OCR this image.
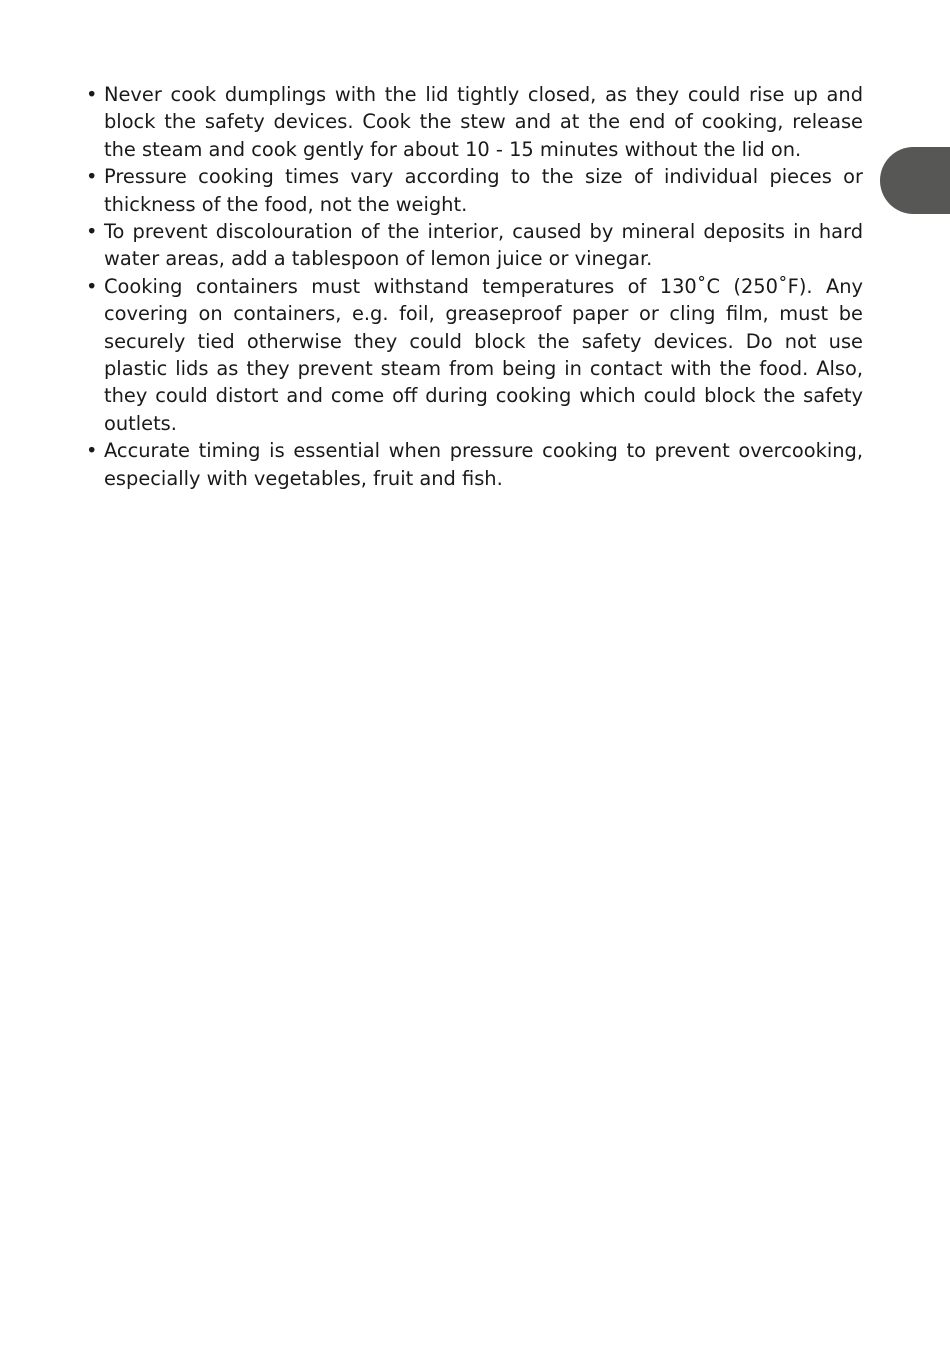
• Never cook dumplings with the lid tightly closed, as they could rise up and block the safety devices. Cook the stew and at the end of cooking, release the steam and cook gently for about 10 - 15 minutes without the lid on.
• Pressure cooking times vary according to the size of individual pieces or thickness of the food, not the weight.
• To prevent discolouration of the interior, caused by mineral deposits in hard water areas, add a tablespoon of lemon juice or vinegar.
• Cooking containers must withstand temperatures of 130˚C (250˚F). Any covering on containers, e.g. foil, greaseproof paper or cling film, must be securely tied otherwise they could block the safety devices. Do not use plastic lids as they prevent steam from being in contact with the food. Also, they could distort and come off during cooking which could block the safety outlets.
• Accurate timing is essential when pressure cooking to prevent overcooking, especially with vegetables, fruit and fish.
